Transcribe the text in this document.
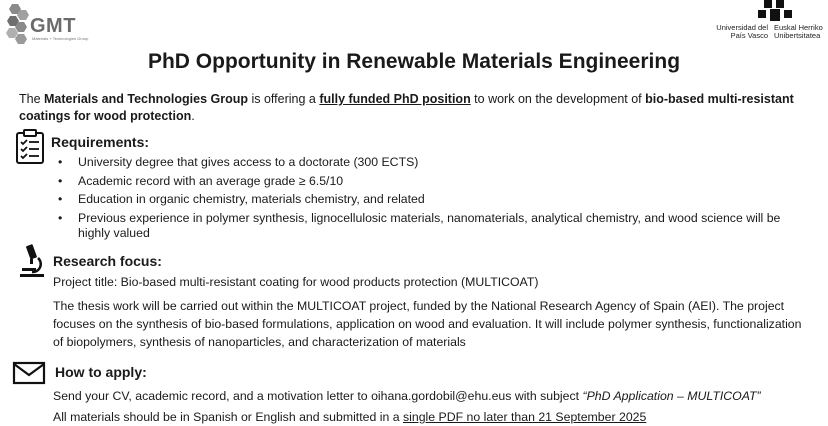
GMT
Materials + Technologies Group
Universidad del País Vasco
Euskal Herriko Unibertsitatea
PhD Opportunity in Renewable Materials Engineering
The Materials and Technologies Group is offering a fully funded PhD position to work on the development of bio-based multi-resistant coatings for wood protection.
Requirements:
• University degree that gives access to a doctorate (300 ECTS)
• Academic record with an average grade ≥ 6.5/10
• Education in organic chemistry, materials chemistry, and related
• Previous experience in polymer synthesis, lignocellulosic materials, nanomaterials, analytical chemistry, and wood science will be highly valued
Research focus:
Project title: Bio-based multi-resistant coating for wood products protection (MULTICOAT)
The thesis work will be carried out within the MULTICOAT project, funded by the National Research Agency of Spain (AEI). The project focuses on the synthesis of bio-based formulations, application on wood and evaluation. It will include polymer synthesis, functionalization of biopolymers, synthesis of nanoparticles, and characterization of materials
How to apply:
Send your CV, academic record, and a motivation letter to oihana.gordobil@ehu.eus with subject “PhD Application – MULTICOAT”
All materials should be in Spanish or English and submitted in a single PDF no later than 21 September 2025
